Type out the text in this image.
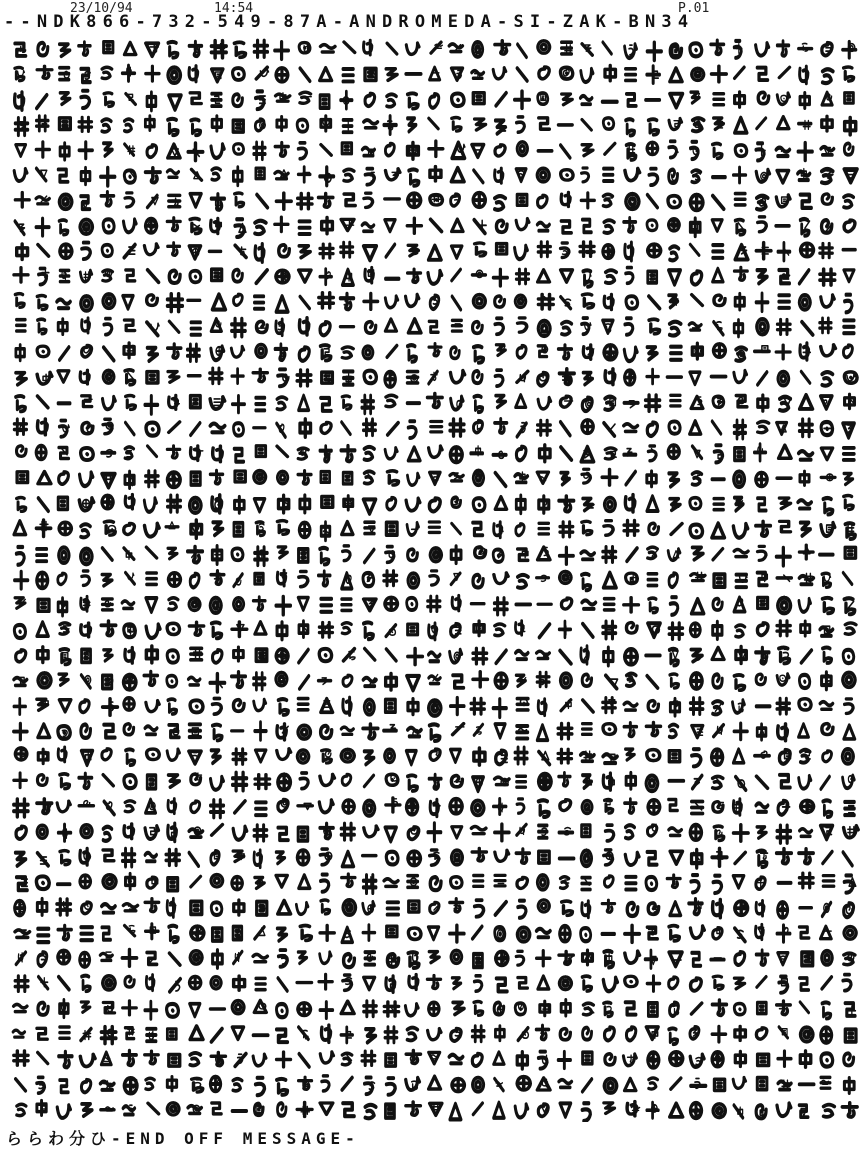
23/10/94	14:54	P.01
--NDK866-732-549-87A-ANDROMEDA-SI-ZAK-BN34
ららわ分ひ-END OFF MESSAGE-
